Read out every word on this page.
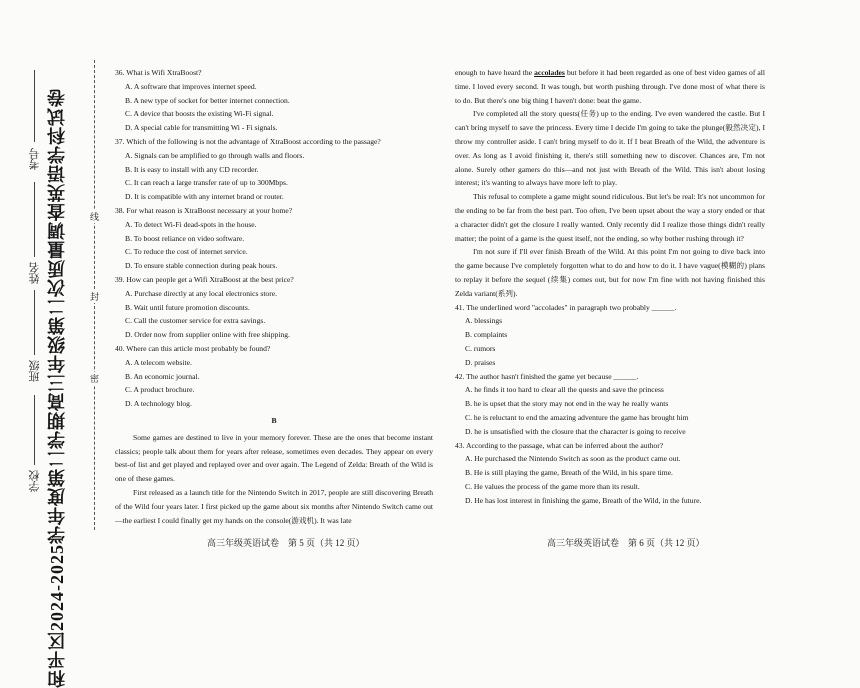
和平区2024-2025学年度第二学期高三年级第二次质量调查英语学科试卷
学校
班级
姓名
考号
密
封
线

36. What is Wifi XtraBoost?

A. A software that improves internet speed.

B. A new type of socket for better internet connection.

C. A device that boosts the existing Wi-Fi signal.

D. A special cable for transmitting Wi - Fi signals.

37. Which of the following is not the advantage of XtraBoost according to the passage?

A. Signals can be amplified to go through walls and floors.

B. It is easy to install with any CD recorder.

C. It can reach a large transfer rate of up to 300Mbps.

D. It is compatible with any internet brand or router.

38. For what reason is XtraBoost necessary at your home?

A. To detect Wi-Fi dead-spots in the house.

B. To boost reliance on video software.

C. To reduce the cost of internet service.

D. To ensure stable connection during peak hours.

39. How can people get a Wifi XtraBoost at the best price?

A. Purchase directly at any local electronics store.

B. Wait until future promotion discounts.

C. Call the customer service for extra savings.

D. Order now from supplier online with free shipping.

40. Where can this article most probably be found?

A. A telecom website.

B. An economic journal.

C. A product brochure.

D. A technology blog.

B

Some games are destined to live in your memory forever. These are the ones that become instant classics; people talk about them for years after release, sometimes even decades. They appear on every best-of list and get played and replayed over and over again. The Legend of Zelda: Breath of the Wild is one of these games.

First released as a launch title for the Nintendo Switch in 2017, people are still discovering Breath of the Wild four years later. I first picked up the game about six months after Nintendo Switch came out—the earliest I could finally get my hands on the console(游戏机). It was late

enough to have heard the accolades but before it had been regarded as one of best video games of all time. I loved every second. It was tough, but worth pushing through. I've done most of what there is to do. But there's one big thing I haven't done: beat the game.

I've completed all the story quests(任务) up to the ending. I've even wandered the castle. But I can't bring myself to save the princess. Every time I decide I'm going to take the plunge(毅然决定), I throw my controller aside. I can't bring myself to do it. If I beat Breath of the Wild, the adventure is over. As long as I avoid finishing it, there's still something new to discover. Chances are, I'm not alone. Surely other gamers do this—and not just with Breath of the Wild. This isn't about losing interest; it's wanting to always have more left to play.

This refusal to complete a game might sound ridiculous. But let's be real: It's not uncommon for the ending to be far from the best part. Too often, I've been upset about the way a story ended or that a character didn't get the closure I really wanted. Only recently did I realize those things didn't really matter; the point of a game is the quest itself, not the ending, so why bother rushing through it?

I'm not sure if I'll ever finish Breath of the Wild. At this point I'm not going to dive back into the game because I've completely forgotten what to do and how to do it. I have vague(模糊的) plans to replay it before the sequel (续集) comes out, but for now I'm fine with not having finished this Zelda variant(系列).

41. The underlined word "accolades" in paragraph two probably ______.

A. blessings

B. complaints

C. rumors

D. praises

42. The author hasn't finished the game yet because ______.

A. he finds it too hard to clear all the quests and save the princess

B. he is upset that the story may not end in the way he really wants

C. he is reluctant to end the amazing adventure the game has brought him

D. he is unsatisfied with the closure that the character is going to receive

43. According to the passage, what can be inferred about the author?

A. He purchased the Nintendo Switch as soon as the product came out.

B. He is still playing the game, Breath of the Wild, in his spare time.

C. He values the process of the game more than its result.

D. He has lost interest in finishing the game, Breath of the Wild, in the future.

高三年级英语试卷　第 5 页（共 12 页）	高三年级英语试卷　第 6 页（共 12 页）
